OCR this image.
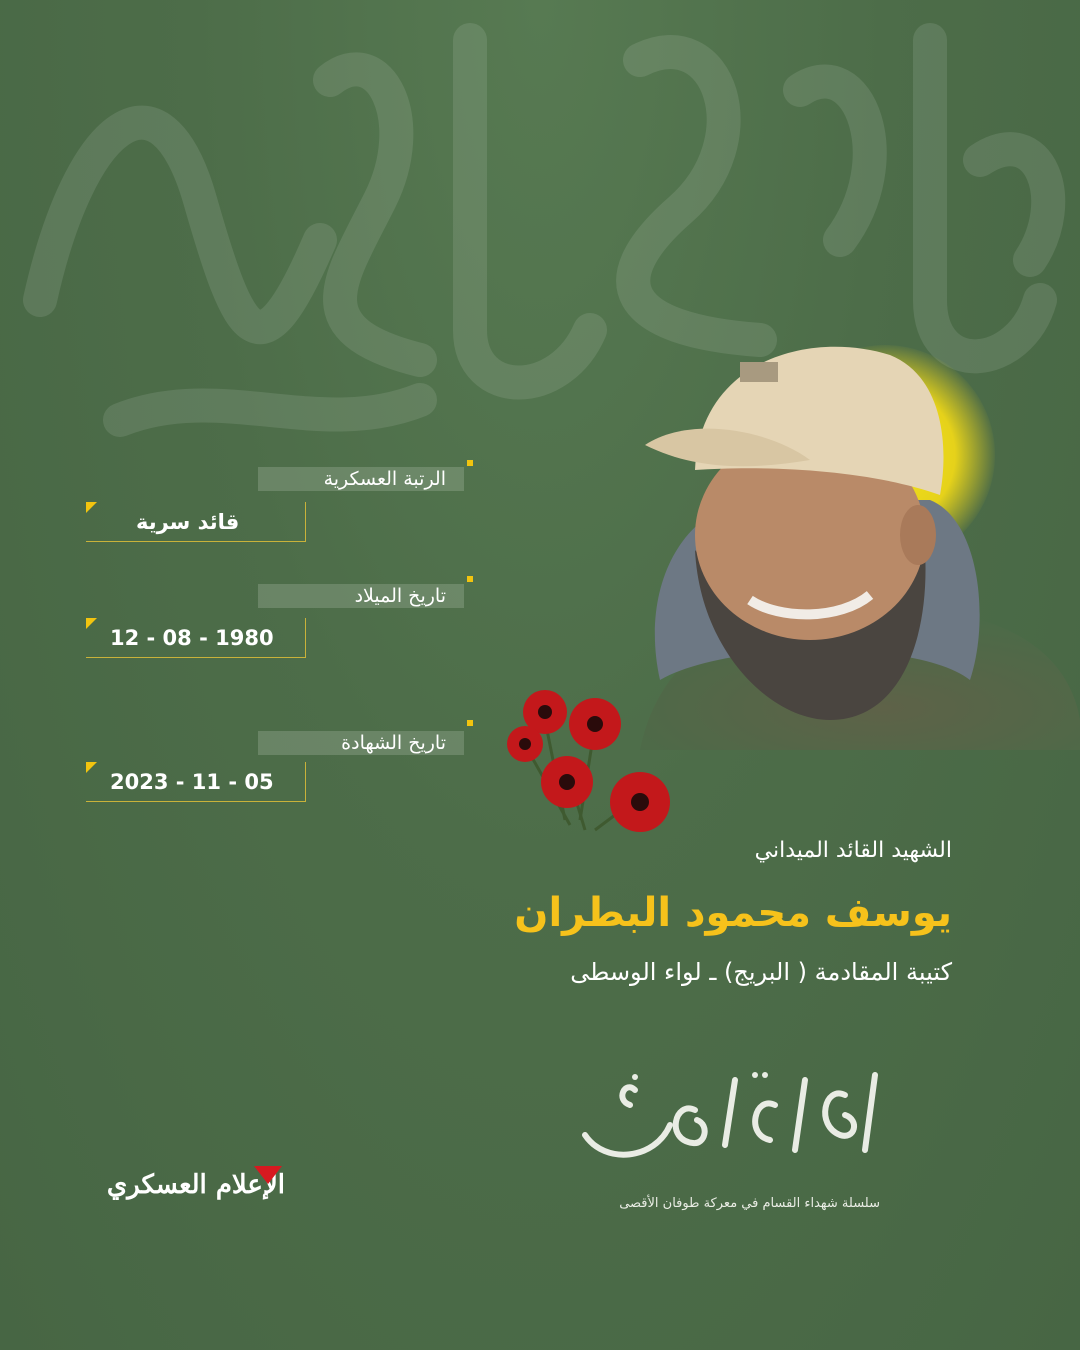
الرتبة العسكرية
قائد سرية
تاريخ الميلاد
12 - 08 - 1980
تاريخ الشهادة
2023 - 11 - 05
الشهيد القائد الميداني
يوسف محمود البطران
كتيبة المقادمة ( البريج) ـ لواء الوسطى
سلسلة شهداء القسام في معركة طوفان الأقصى
الإعلام العسكري
